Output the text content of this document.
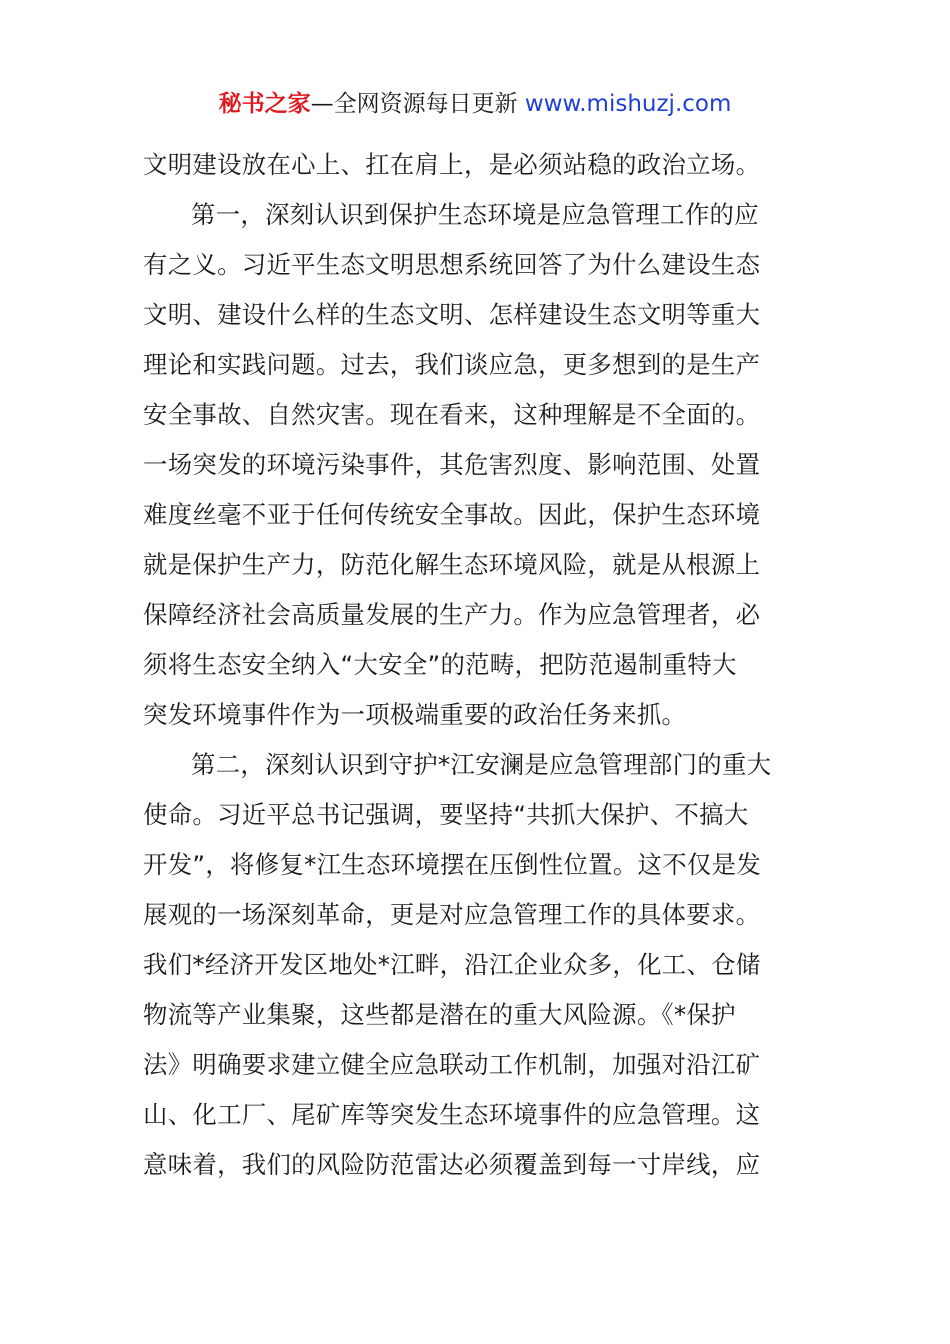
秘书之家—全网资源每日更新 www.mishuzj.com
文明建设放在心上、扛在肩上，是必须站稳的政治立场。
第一，深刻认识到保护生态环境是应急管理工作的应
有之义。习近平生态文明思想系统回答了为什么建设生态
文明、建设什么样的生态文明、怎样建设生态文明等重大
理论和实践问题。过去，我们谈应急，更多想到的是生产
安全事故、自然灾害。现在看来，这种理解是不全面的。
一场突发的环境污染事件，其危害烈度、影响范围、处置
难度丝毫不亚于任何传统安全事故。因此，保护生态环境
就是保护生产力，防范化解生态环境风险，就是从根源上
保障经济社会高质量发展的生产力。作为应急管理者，必
须将生态安全纳入“大安全”的范畴，把防范遏制重特大
突发环境事件作为一项极端重要的政治任务来抓。
第二，深刻认识到守护*江安澜是应急管理部门的重大
使命。习近平总书记强调，要坚持“共抓大保护、不搞大
开发”，将修复*江生态环境摆在压倒性位置。这不仅是发
展观的一场深刻革命，更是对应急管理工作的具体要求。
我们*经济开发区地处*江畔，沿江企业众多，化工、仓储
物流等产业集聚，这些都是潜在的重大风险源。《*保护
法》明确要求建立健全应急联动工作机制，加强对沿江矿
山、化工厂、尾矿库等突发生态环境事件的应急管理。这
意味着，我们的风险防范雷达必须覆盖到每一寸岸线，应
